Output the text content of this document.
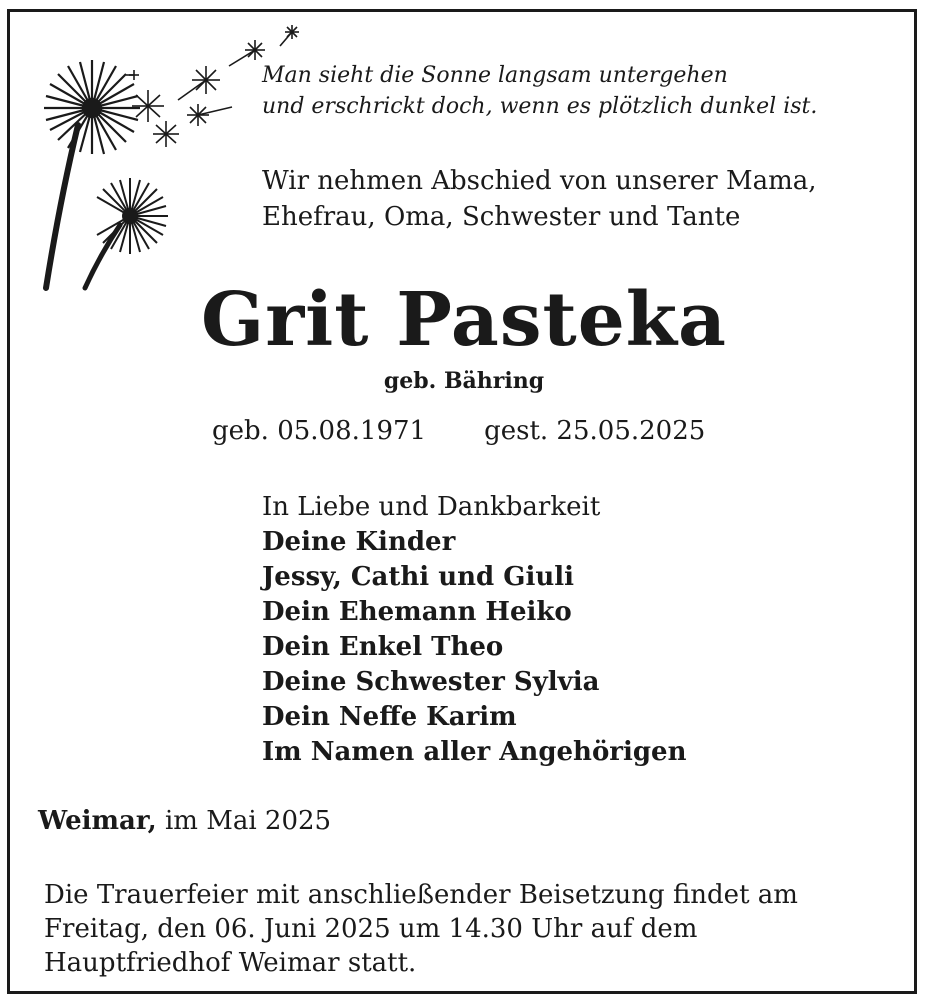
Man sieht die Sonne langsam untergehen
und erschrickt doch, wenn es plötzlich dunkel ist.
Wir nehmen Abschied von unserer Mama,
Ehefrau, Oma, Schwester und Tante
Grit Pasteka
geb. Bähring
geb. 05.08.1971 gest. 25.05.2025
In Liebe und Dankbarkeit
Deine Kinder
Jessy, Cathi und Giuli
Dein Ehemann Heiko
Dein Enkel Theo
Deine Schwester Sylvia
Dein Neffe Karim
Im Namen aller Angehörigen
Weimar, im Mai 2025
Die Trauerfeier mit anschließender Beisetzung findet am
Freitag, den 06. Juni 2025 um 14.30 Uhr auf dem
Hauptfriedhof Weimar statt.
